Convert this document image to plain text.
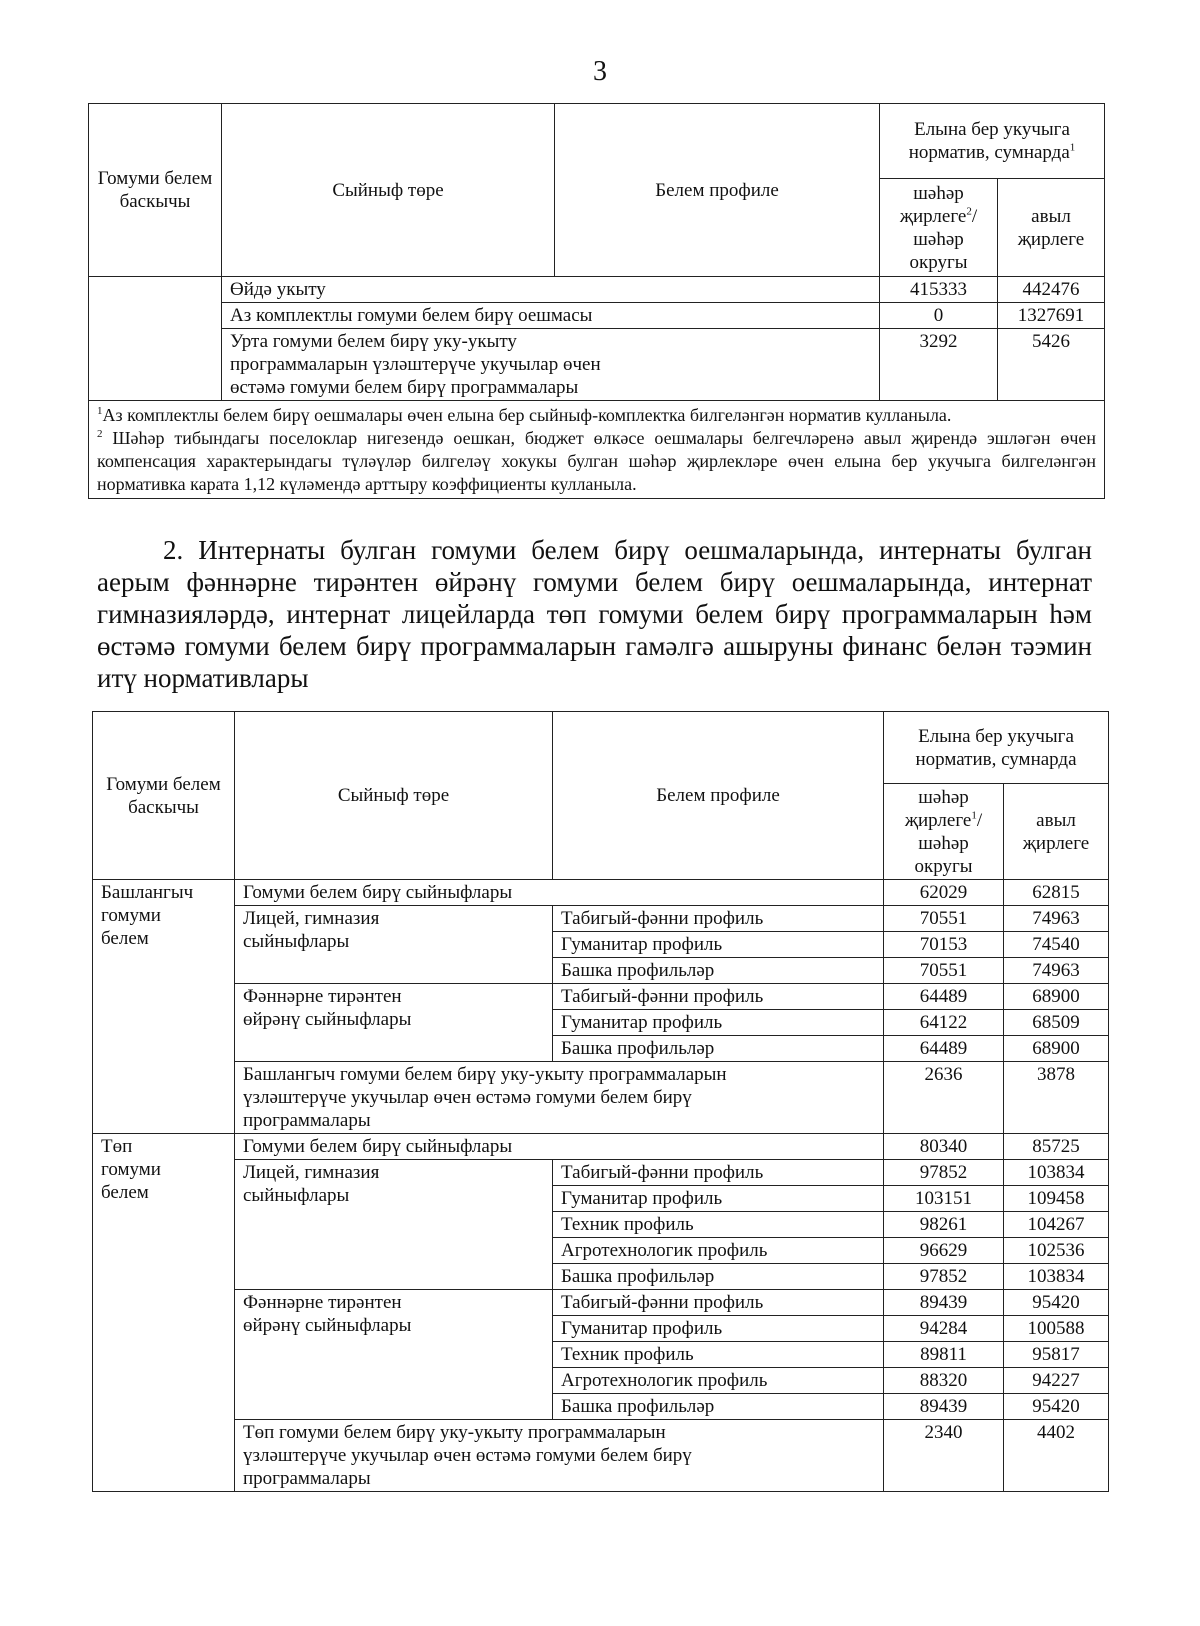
3
Гомуми белем баскычы	Сыйныф төре	Белем профиле	Елына бер укучыга норматив, сумнарда$^1$
			шәһәр җирлеге$^2$/ шәһәр округы	авыл җирлеге
	Өйдә укыту		415333	442476
	Аз комплектлы гомуми белем бирү оешмасы		0	1327691

	Урта гомуми белем бирү уку-укыту программаларын үзләштерүче укучылар өчен өстәмә гомуми белем бирү программалары		3292	5426

$^1$Аз комплектлы белем бирү оешмалары өчен елына бер сыйныф-комплектка билгеләнгән норматив кулланыла.
$^2$ Шәһәр тибындагы поселоклар нигезендә оешкан, бюджет өлкәсе оешмалары белгечләренә авыл җирендә эшләгән өчен компенсация характерындагы түләүләр билгеләү хокукы булган шәһәр җирлекләре өчен елына бер укучыга билгеләнгән нормативка карата 1,12 күләмендә арттыру коэффициенты кулланыла.				
2. Интернаты булган гомуми белем бирү оешмаларында, интернаты булган аерым фәннәрне тирәнтен өйрәнү гомуми белем бирү оешмаларында, интернат гимназияләрдә, интернат лицейларда төп гомуми белем бирү программаларын һәм өстәмә гомуми белем бирү программаларын гамәлгә ашыруны финанс белән тәэмин итү нормативлары
Гомуми белем баскычы	Сыйныф төре	Белем профиле	Елына бер укучыга норматив, сумнарда	
			шәһәр җирлеге$^1$/ шәһәр округы	авыл җирлеге

Башлангыч гомуми белем	Гомуми белем бирү сыйныфлары		62029	62815

	Лицей, гимназия сыйныфлары	Табигый-фәнни профиль	70551	74963
		Гуманитар профиль	70153	74540
		Башка профильләр	70551	74963

	Фәннәрне тирәнтен өйрәнү сыйныфлары	Табигый-фәнни профиль	64489	68900
		Гуманитар профиль	64122	68509
		Башка профильләр	64489	68900

	Башлангыч гомуми белем бирү уку-укыту программаларын үзләштерүче укучылар өчен өстәмә гомуми белем бирү программалары		2636	3878

Төп гомуми белем	Гомуми белем бирү сыйныфлары		80340	85725

	Лицей, гимназия сыйныфлары	Табигый-фәнни профиль	97852	103834
		Гуманитар профиль	103151	109458
		Техник профиль	98261	104267
		Агротехнологик профиль	96629	102536
		Башка профильләр	97852	103834

	Фәннәрне тирәнтен өйрәнү сыйныфлары	Табигый-фәнни профиль	89439	95420
		Гуманитар профиль	94284	100588
		Техник профиль	89811	95817
		Агротехнологик профиль	88320	94227
		Башка профильләр	89439	95420

	Төп гомуми белем бирү уку-укыту программаларын үзләштерүче укучылар өчен өстәмә гомуми белем бирү программалары		2340	4402
